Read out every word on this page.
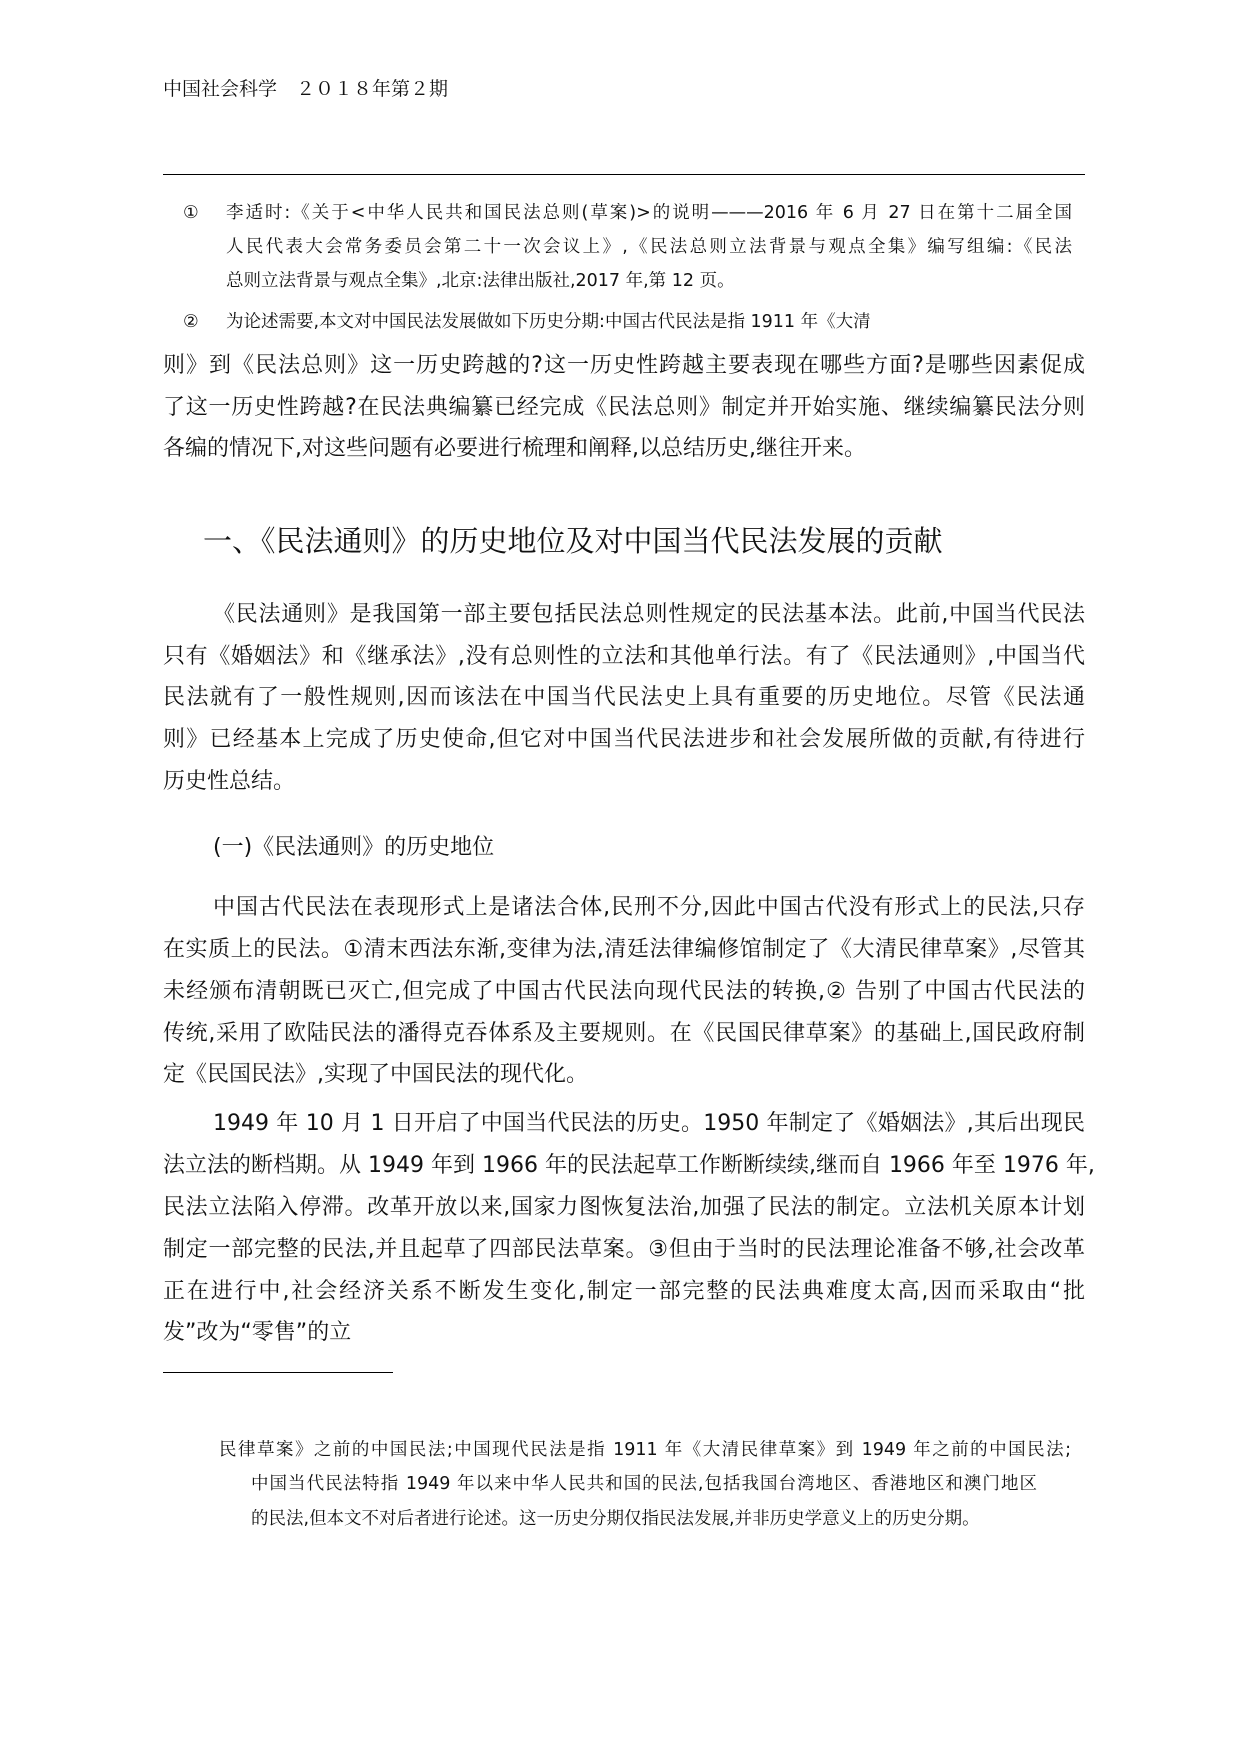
中国社会科学　２０１８年第２期
① 李适时:《关于<中华人民共和国民法总则(草案)>的说明———2016 年 6 月 27 日在第十二届全国
人民代表大会常务委员会第二十一次会议上》,《民法总则立法背景与观点全集》编写组编:《民法
总则立法背景与观点全集》,北京:法律出版社,2017 年,第 12 页。
② 为论述需要,本文对中国民法发展做如下历史分期:中国古代民法是指 1911 年《大清
则》到《民法总则》这一历史跨越的?这一历史性跨越主要表现在哪些方面?是哪些因素促成
了这一历史性跨越?在民法典编纂已经完成《民法总则》制定并开始实施、继续编纂民法分则
各编的情况下,对这些问题有必要进行梳理和阐释,以总结历史,继往开来。
一、《民法通则》的历史地位及对中国当代民法发展的贡献
《民法通则》是我国第一部主要包括民法总则性规定的民法基本法。此前,中国当代民法
只有《婚姻法》和《继承法》,没有总则性的立法和其他单行法。有了《民法通则》,中国当代
民法就有了一般性规则,因而该法在中国当代民法史上具有重要的历史地位。尽管《民法通
则》已经基本上完成了历史使命,但它对中国当代民法进步和社会发展所做的贡献,有待进行
历史性总结。
(一)《民法通则》的历史地位
中国古代民法在表现形式上是诸法合体,民刑不分,因此中国古代没有形式上的民法,只存
在实质上的民法。①清末西法东渐,变律为法,清廷法律编修馆制定了《大清民律草案》,尽管其
未经颁布清朝既已灭亡,但完成了中国古代民法向现代民法的转换,② 告别了中国古代民法的
传统,采用了欧陆民法的潘得克吞体系及主要规则。在《民国民律草案》的基础上,国民政府制
定《民国民法》,实现了中国民法的现代化。
1949 年 10 月 1 日开启了中国当代民法的历史。1950 年制定了《婚姻法》,其后出现民
法立法的断档期。从 1949 年到 1966 年的民法起草工作断断续续,继而自 1966 年至 1976 年,
民法立法陷入停滞。改革开放以来,国家力图恢复法治,加强了民法的制定。立法机关原本计划
制定一部完整的民法,并且起草了四部民法草案。③但由于当时的民法理论准备不够,社会改革
正在进行中,社会经济关系不断发生变化,制定一部完整的民法典难度太高,因而采取由“批
发”改为“零售”的立
民律草案》之前的中国民法;中国现代民法是指 1911 年《大清民律草案》到 1949 年之前的中国民法;
中国当代民法特指 1949 年以来中华人民共和国的民法,包括我国台湾地区、香港地区和澳门地区
的民法,但本文不对后者进行论述。这一历史分期仅指民法发展,并非历史学意义上的历史分期。
